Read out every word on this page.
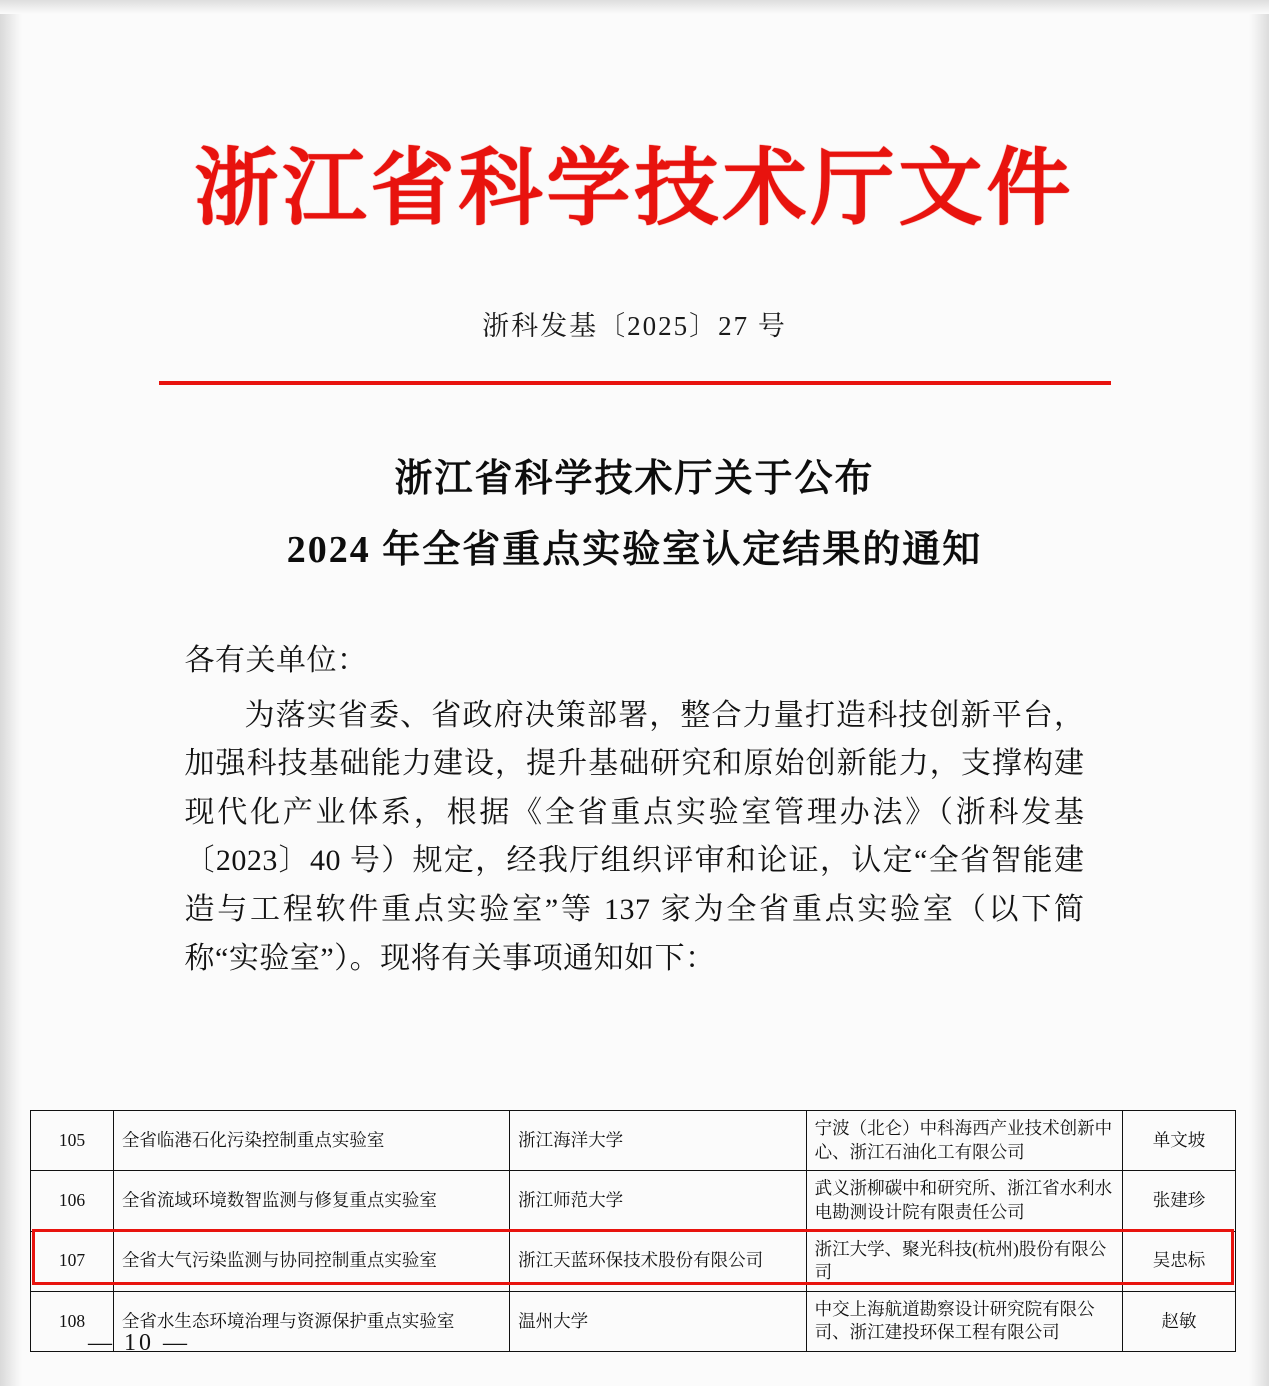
浙江省科学技术厅文件
浙科发基〔2025〕27 号
浙江省科学技术厅关于公布
2024 年全省重点实验室认定结果的通知
各有关单位：
为落实省委、省政府决策部署，整合力量打造科技创新平台，加强科技基础能力建设，提升基础研究和原始创新能力，支撑构建现代化产业体系，根据《全省重点实验室管理办法》（浙科发基〔2023〕40 号）规定，经我厅组织评审和论证，认定“全省智能建造与工程软件重点实验室”等 137 家为全省重点实验室（以下简称“实验室”）。现将有关事项通知如下：
105	全省临港石化污染控制重点实验室	浙江海洋大学	宁波（北仑）中科海西产业技术创新中心、浙江石油化工有限公司	单文坡
106	全省流域环境数智监测与修复重点实验室	浙江师范大学	武义浙柳碳中和研究所、浙江省水利水电勘测设计院有限责任公司	张建珍
107	全省大气污染监测与协同控制重点实验室	浙江天蓝环保技术股份有限公司	浙江大学、聚光科技(杭州)股份有限公司	吴忠标
108	全省水生态环境治理与资源保护重点实验室	温州大学	中交上海航道勘察设计研究院有限公司、浙江建投环保工程有限公司	赵敏
— 10 —
